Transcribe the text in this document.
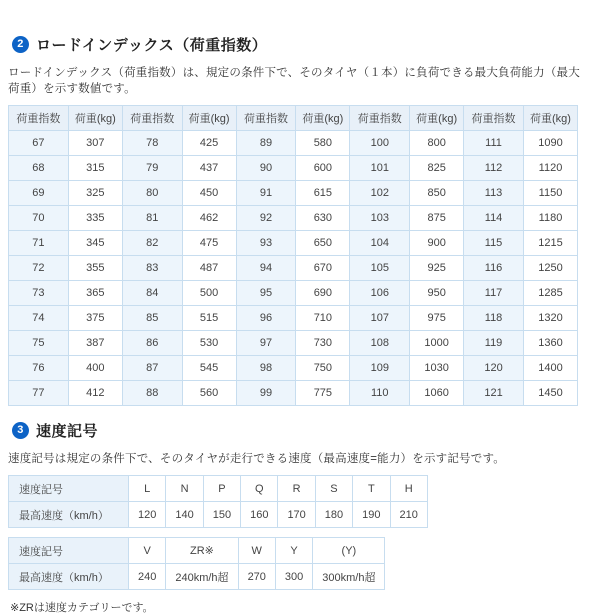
2 ロードインデックス（荷重指数）

ロードインデックス（荷重指数）は、規定の条件下で、そのタイヤ（１本）に負荷できる最大負荷能力（最大荷重）を示す数値です。

荷重指数	荷重(kg)	荷重指数	荷重(kg)	荷重指数	荷重(kg)	荷重指数	荷重(kg)	荷重指数	荷重(kg)
67	307	78	425	89	580	100	800	111	1090
68	315	79	437	90	600	101	825	112	1120
69	325	80	450	91	615	102	850	113	1150
70	335	81	462	92	630	103	875	114	1180
71	345	82	475	93	650	104	900	115	1215
72	355	83	487	94	670	105	925	116	1250
73	365	84	500	95	690	106	950	117	1285
74	375	85	515	96	710	107	975	118	1320
75	387	86	530	97	730	108	1000	119	1360
76	400	87	545	98	750	109	1030	120	1400
77	412	88	560	99	775	110	1060	121	1450
3 速度記号

速度記号は規定の条件下で、そのタイヤが走行できる速度（最高速度=能力）を示す記号です。

速度記号	L	N	P	Q	R	S	T	H
最高速度（km/h）	120	140	150	160	170	180	190	210
速度記号	V	ZR※	W	Y	(Y)
最高速度（km/h）	240	240km/h超	270	300	300km/h超

※ZRは速度カテゴリーです。
